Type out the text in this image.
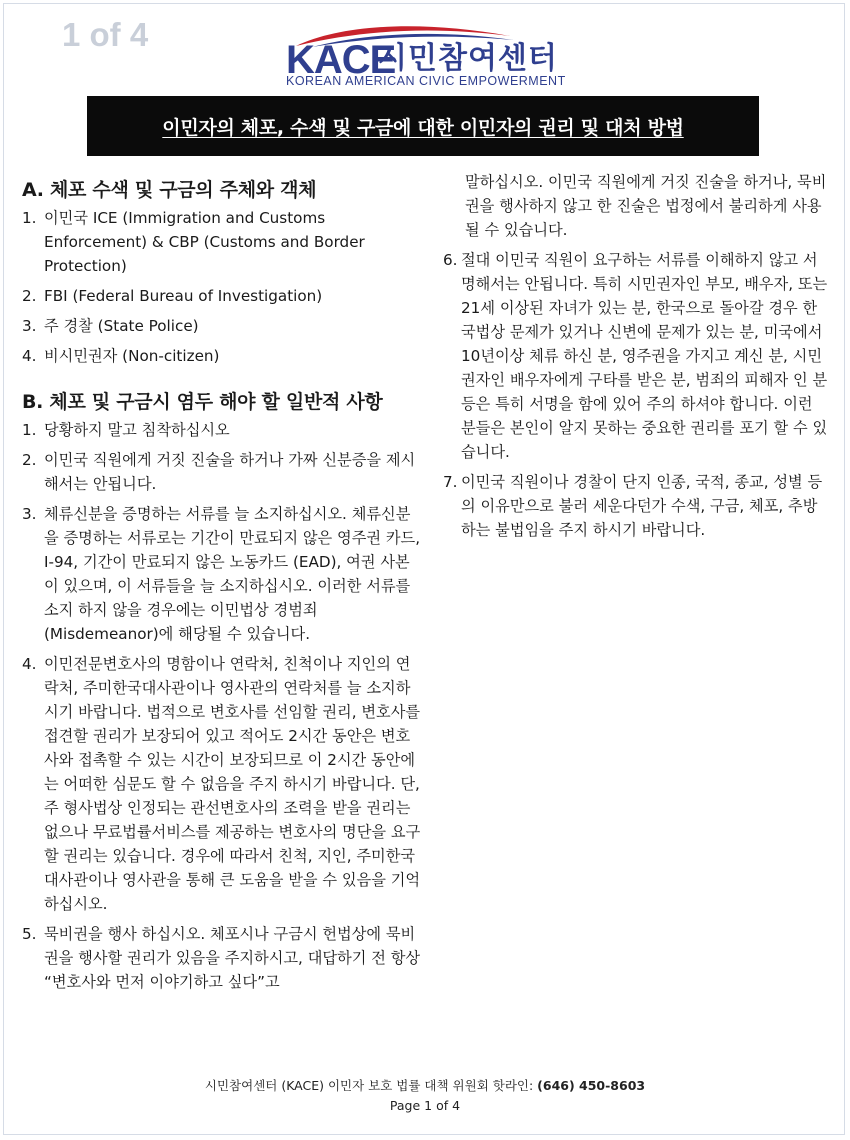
1 of 4
KACE
시민참여센터
KOREAN AMERICAN CIVIC EMPOWERMENT
이민자의 체포, 수색 및 구금에 대한 이민자의 권리 및 대처 방법
A. 체포 수색 및 구금의 주체와 객체
1. 이민국 ICE (Immigration and Customs Enforcement) & CBP (Customs and Border Protection)
2. FBI (Federal Bureau of Investigation)
3. 주 경찰 (State Police)
4. 비시민권자 (Non-citizen)
B. 체포 및 구금시 염두 해야 할 일반적 사항
1. 당황하지 말고 침착하십시오
2. 이민국 직원에게 거짓 진술을 하거나 가짜 신분증을 제시해서는 안됩니다.
3. 체류신분을 증명하는 서류를 늘 소지하십시오. 체류신분을 증명하는 서류로는 기간이 만료되지 않은 영주권 카드, I-94, 기간이 만료되지 않은 노동카드 (EAD), 여권 사본이 있으며, 이 서류들을 늘 소지하십시오. 이러한 서류를 소지 하지 않을 경우에는 이민법상 경범죄 (Misdemeanor)에 해당될 수 있습니다.
4. 이민전문변호사의 명함이나 연락처, 친척이나 지인의 연락처, 주미한국대사관이나 영사관의 연락처를 늘 소지하시기 바랍니다. 법적으로 변호사를 선임할 권리, 변호사를 접견할 권리가 보장되어 있고 적어도 2시간 동안은 변호사와 접촉할 수 있는 시간이 보장되므로 이 2시간 동안에는 어떠한 심문도 할 수 없음을 주지 하시기 바랍니다. 단, 주 형사법상 인정되는 관선변호사의 조력을 받을 권리는 없으나 무료법률서비스를 제공하는 변호사의 명단을 요구할 권리는 있습니다. 경우에 따라서 친척, 지인, 주미한국대사관이나 영사관을 통해 큰 도움을 받을 수 있음을 기억하십시오.
5. 묵비권을 행사 하십시오. 체포시나 구금시 헌법상에 묵비권을 행사할 권리가 있음을 주지하시고, 대답하기 전 항상 “변호사와 먼저 이야기하고 싶다”고
말하십시오. 이민국 직원에게 거짓 진술을 하거나, 묵비권을 행사하지 않고 한 진술은 법정에서 불리하게 사용될 수 있습니다.
6. 절대 이민국 직원이 요구하는 서류를 이해하지 않고 서명해서는 안됩니다. 특히 시민권자인 부모, 배우자, 또는 21세 이상된 자녀가 있는 분, 한국으로 돌아갈 경우 한국법상 문제가 있거나 신변에 문제가 있는 분, 미국에서 10년이상 체류 하신 분, 영주권을 가지고 계신 분, 시민권자인 배우자에게 구타를 받은 분, 범죄의 피해자 인 분 등은 특히 서명을 함에 있어 주의 하셔야 합니다. 이런 분들은 본인이 알지 못하는 중요한 권리를 포기 할 수 있습니다.
7. 이민국 직원이나 경찰이 단지 인종, 국적, 종교, 성별 등의 이유만으로 불러 세운다던가 수색, 구금, 체포, 추방하는 불법임을 주지 하시기 바랍니다.
시민참여센터 (KACE) 이민자 보호 법률 대책 위원회 핫라인: (646) 450-8603
Page 1 of 4
